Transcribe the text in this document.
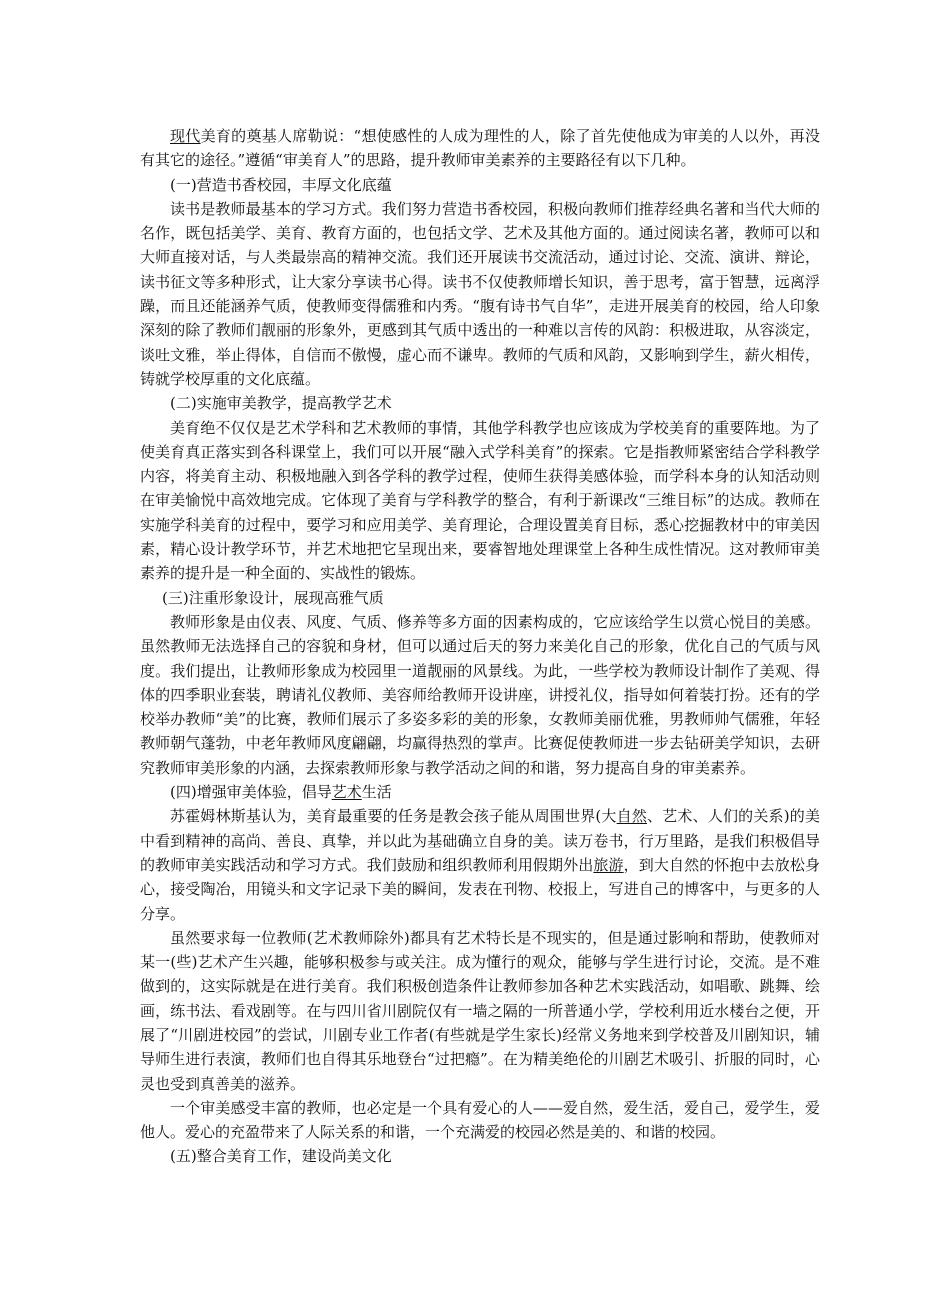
现代美育的奠基人席勒说：“想使感性的人成为理性的人，除了首先使他成为审美的人以外，再没有其它的途径。”遵循“审美育人”的思路，提升教师审美素养的主要路径有以下几种。

(一)营造书香校园，丰厚文化底蕴

读书是教师最基本的学习方式。我们努力营造书香校园，积极向教师们推荐经典名著和当代大师的名作，既包括美学、美育、教育方面的，也包括文学、艺术及其他方面的。通过阅读名著，教师可以和大师直接对话，与人类最崇高的精神交流。我们还开展读书交流活动，通过讨论、交流、演讲、辩论，读书征文等多种形式，让大家分享读书心得。读书不仅使教师增长知识，善于思考，富于智慧，远离浮躁，而且还能涵养气质，使教师变得儒雅和内秀。“腹有诗书气自华”，走进开展美育的校园，给人印象深刻的除了教师们靓丽的形象外，更感到其气质中透出的一种难以言传的风韵：积极进取，从容淡定，谈吐文雅，举止得体，自信而不傲慢，虚心而不谦卑。教师的气质和风韵，又影响到学生，薪火相传，铸就学校厚重的文化底蕴。

(二)实施审美教学，提高教学艺术

美育绝不仅仅是艺术学科和艺术教师的事情，其他学科教学也应该成为学校美育的重要阵地。为了使美育真正落实到各科课堂上，我们可以开展“融入式学科美育”的探索。它是指教师紧密结合学科教学内容，将美育主动、积极地融入到各学科的教学过程，使师生获得美感体验，而学科本身的认知活动则在审美愉悦中高效地完成。它体现了美育与学科教学的整合，有利于新课改“三维目标”的达成。教师在实施学科美育的过程中，要学习和应用美学、美育理论，合理设置美育目标，悉心挖掘教材中的审美因素，精心设计教学环节，并艺术地把它呈现出来，要睿智地处理课堂上各种生成性情况。这对教师审美素养的提升是一种全面的、实战性的锻炼。

(三)注重形象设计，展现高雅气质

教师形象是由仪表、风度、气质、修养等多方面的因素构成的，它应该给学生以赏心悦目的美感。虽然教师无法选择自己的容貌和身材，但可以通过后天的努力来美化自己的形象，优化自己的气质与风度。我们提出，让教师形象成为校园里一道靓丽的风景线。为此，一些学校为教师设计制作了美观、得体的四季职业套装，聘请礼仪教师、美容师给教师开设讲座，讲授礼仪，指导如何着装打扮。还有的学校举办教师“美”的比赛，教师们展示了多姿多彩的美的形象，女教师美丽优雅，男教师帅气儒雅，年轻教师朝气蓬勃，中老年教师风度翩翩，均赢得热烈的掌声。比赛促使教师进一步去钻研美学知识，去研究教师审美形象的内涵，去探索教师形象与教学活动之间的和谐，努力提高自身的审美素养。

(四)增强审美体验，倡导艺术生活

苏霍姆林斯基认为，美育最重要的任务是教会孩子能从周围世界(大自然、艺术、人们的关系)的美中看到精神的高尚、善良、真挚，并以此为基础确立自身的美。读万卷书，行万里路，是我们积极倡导的教师审美实践活动和学习方式。我们鼓励和组织教师利用假期外出旅游，到大自然的怀抱中去放松身心，接受陶冶，用镜头和文字记录下美的瞬间，发表在刊物、校报上，写进自己的博客中，与更多的人分享。

虽然要求每一位教师(艺术教师除外)都具有艺术特长是不现实的，但是通过影响和帮助，使教师对某一(些)艺术产生兴趣，能够积极参与或关注。成为懂行的观众，能够与学生进行讨论，交流。是不难做到的，这实际就是在进行美育。我们积极创造条件让教师参加各种艺术实践活动，如唱歌、跳舞、绘画，练书法、看戏剧等。在与四川省川剧院仅有一墙之隔的一所普通小学，学校利用近水楼台之便，开展了“川剧进校园”的尝试，川剧专业工作者(有些就是学生家长)经常义务地来到学校普及川剧知识，辅导师生进行表演，教师们也自得其乐地登台“过把瘾”。在为精美绝伦的川剧艺术吸引、折服的同时，心灵也受到真善美的滋养。

一个审美感受丰富的教师，也必定是一个具有爱心的人——爱自然，爱生活，爱自己，爱学生，爱他人。爱心的充盈带来了人际关系的和谐，一个充满爱的校园必然是美的、和谐的校园。

(五)整合美育工作，建设尚美文化
